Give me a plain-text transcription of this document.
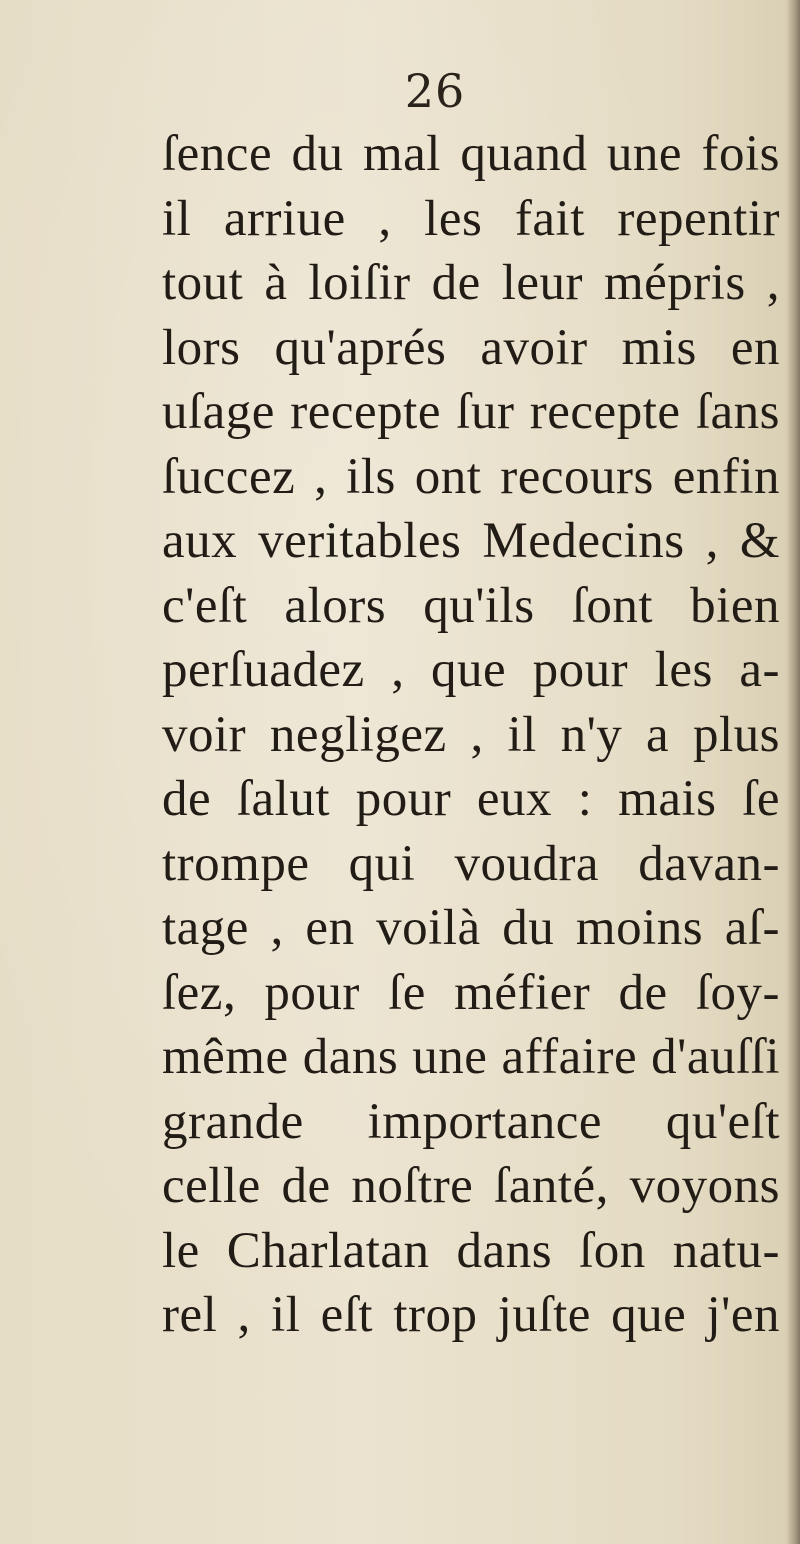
26
ſence du mal quand une fois
il arriue , les fait repentir
tout à loiſir de leur mépris ,
lors qu'aprés avoir mis en
uſage recepte ſur recepte ſans
ſuccez , ils ont recours enfin
aux veritables Medecins , &
c'eſt alors qu'ils ſont bien
perſuadez , que pour les a-
voir negligez , il n'y a plus
de ſalut pour eux : mais ſe
trompe qui voudra davan-
tage , en voilà du moins aſ-
ſez, pour ſe méfier de ſoy-
même dans une affaire d'auſſi
grande importance qu'eſt
celle de noſtre ſanté, voyons
le Charlatan dans ſon natu-
rel , il eſt trop juſte que j'en
